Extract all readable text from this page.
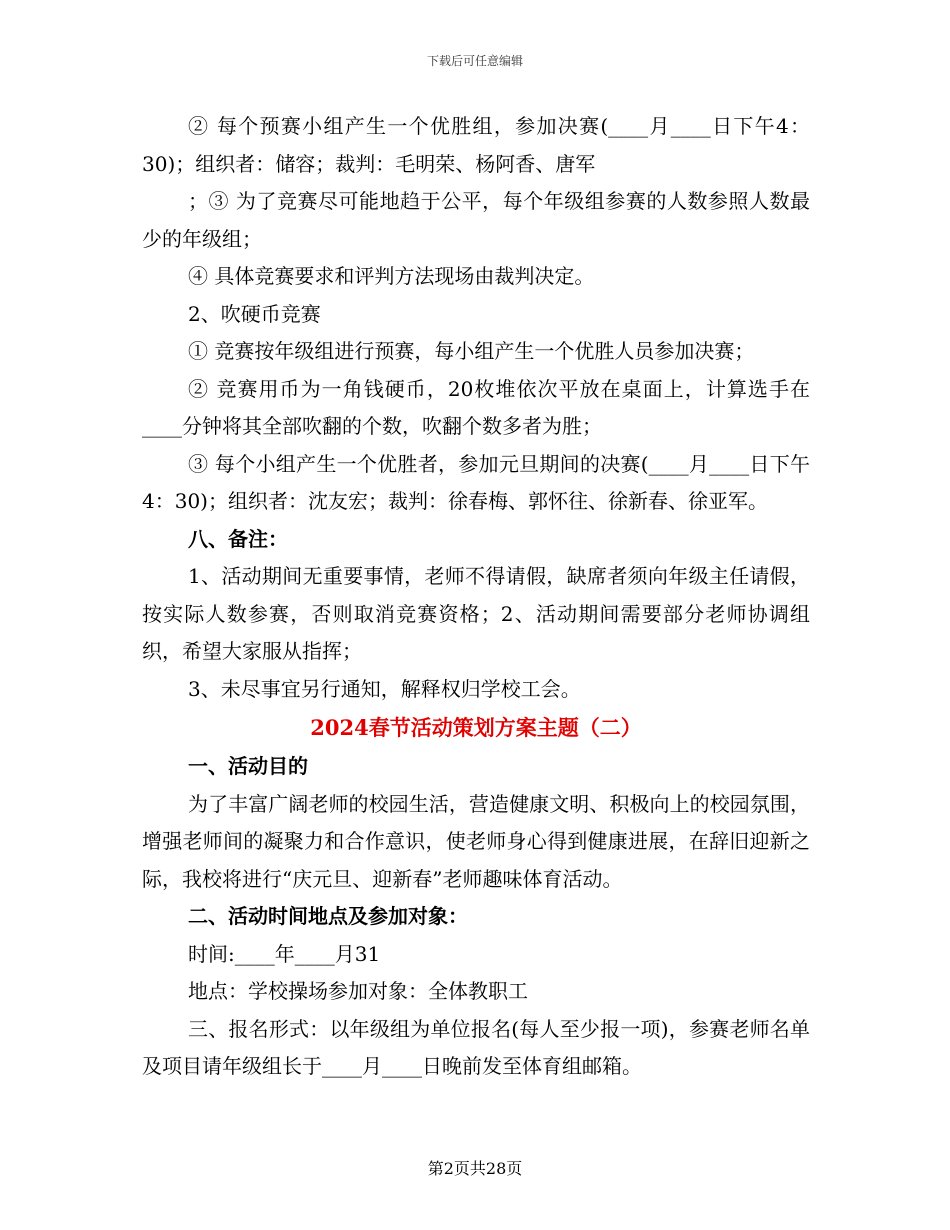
下载后可任意编辑

② 每个预赛小组产生一个优胜组，参加决赛(____月____日下午4：30)；组织者：储容；裁判：毛明荣、杨阿香、唐军

；③ 为了竞赛尽可能地趋于公平，每个年级组参赛的人数参照人数最少的年级组；

④ 具体竞赛要求和评判方法现场由裁判决定。

2、吹硬币竞赛

① 竞赛按年级组进行预赛，每小组产生一个优胜人员参加决赛；

② 竞赛用币为一角钱硬币，20枚堆依次平放在桌面上，计算选手在____分钟将其全部吹翻的个数，吹翻个数多者为胜；

③ 每个小组产生一个优胜者，参加元旦期间的决赛(____月____日下午4：30)；组织者：沈友宏；裁判：徐春梅、郭怀往、徐新春、徐亚军。

八、备注：

1、活动期间无重要事情，老师不得请假，缺席者须向年级主任请假，按实际人数参赛，否则取消竞赛资格；2、活动期间需要部分老师协调组织，希望大家服从指挥；

3、未尽事宜另行通知，解释权归学校工会。

2024春节活动策划方案主题（二）

一、活动目的

为了丰富广阔老师的校园生活，营造健康文明、积极向上的校园氛围，增强老师间的凝聚力和合作意识，使老师身心得到健康进展，在辞旧迎新之际，我校将进行“庆元旦、迎新春”老师趣味体育活动。

二、活动时间地点及参加对象：

时间:____年____月31

地点：学校操场参加对象：全体教职工

三、报名形式：以年级组为单位报名(每人至少报一项)，参赛老师名单及项目请年级组长于____月____日晚前发至体育组邮箱。

第2页共28页
